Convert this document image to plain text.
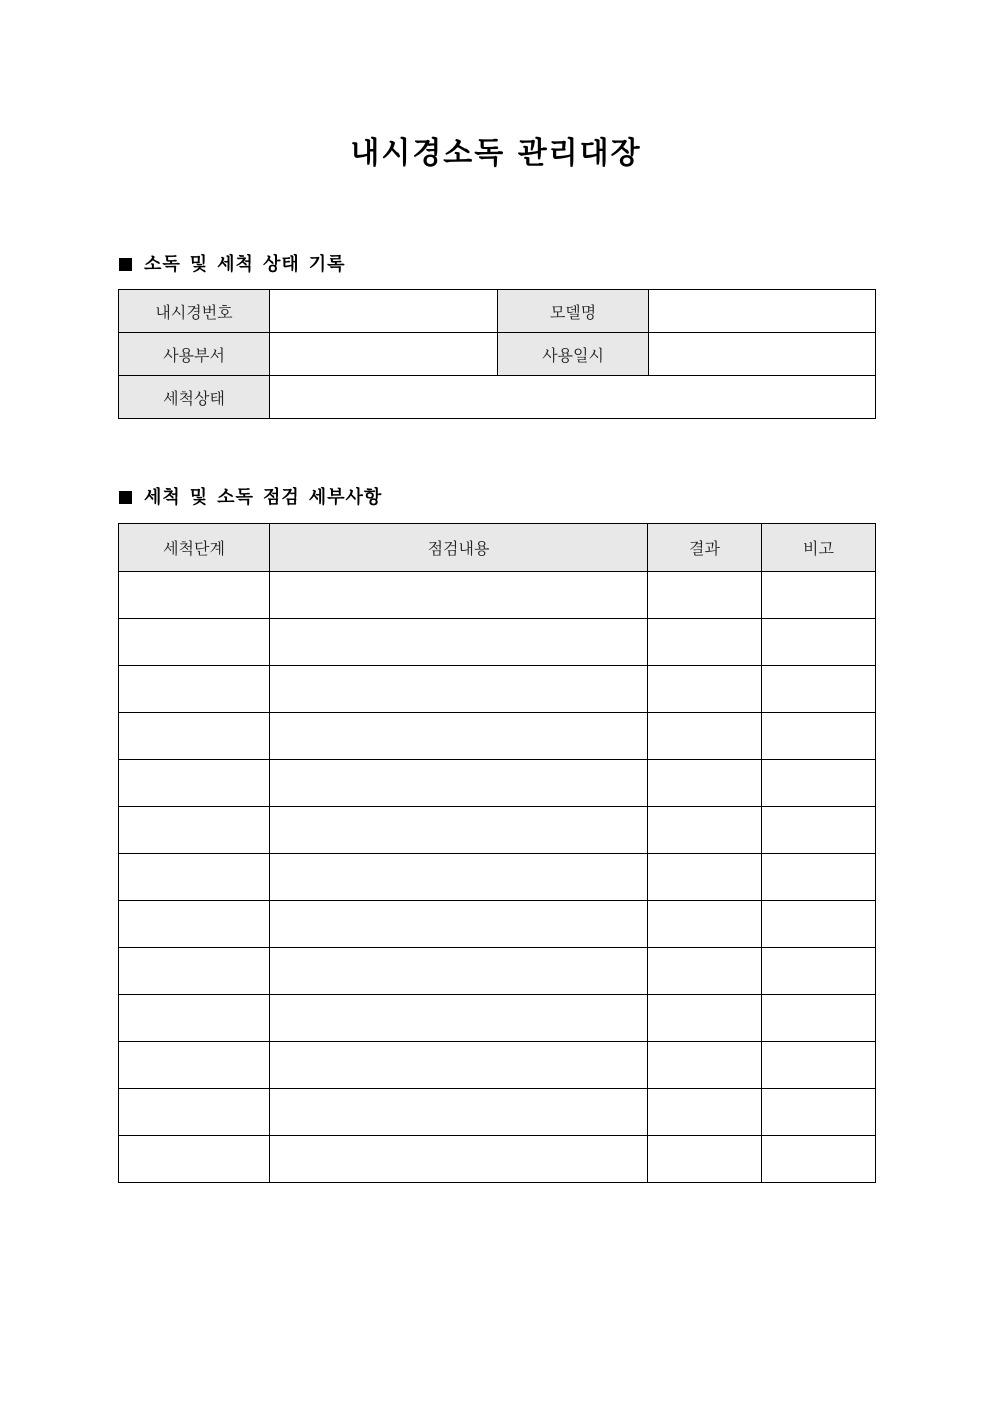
내시경소독 관리대장
소독 및 세척 상태 기록
내시경번호		모델명	
사용부서		사용일시	
세척상태			
세척 및 소독 점검 세부사항
세척단계	점검내용	결과	비고
